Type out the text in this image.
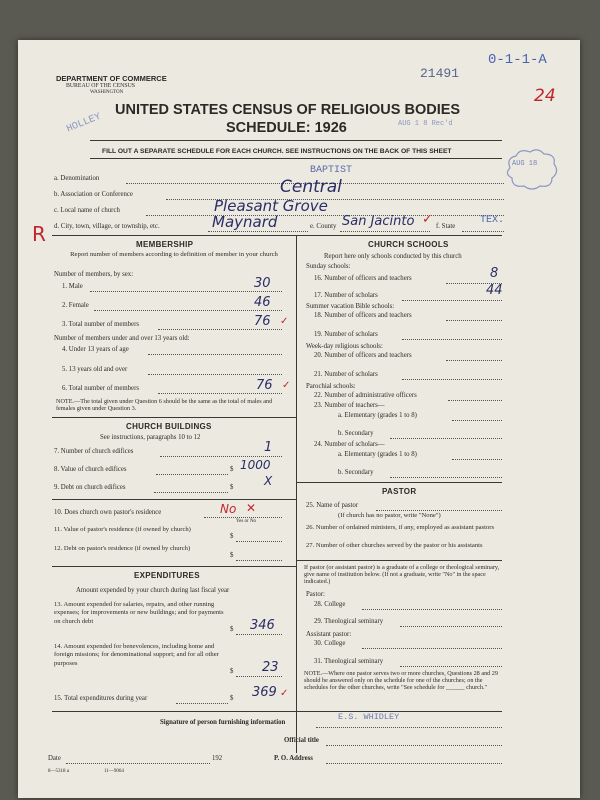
DEPARTMENT OF COMMERCE
BUREAU OF THE CENSUS
WASHINGTON
21491
0-1-1-A
24
HOLLEY	AUG 1 8 Rec'd
UNITED STATES CENSUS OF RELIGIOUS BODIES
SCHEDULE: 1926
FILL OUT A SEPARATE SCHEDULE FOR EACH CHURCH. SEE INSTRUCTIONS ON THE BACK OF THIS SHEET
AUG 18
a. Denomination
BAPTIST
b. Association or Conference	Central
c. Local name of church	Pleasant Grove
d. City, town, village, or township, etc.	Maynard	e. County San Jacinto ✓ f. State
TEX.
R	MEMBERSHIP
Report number of members according to definition of member in your church
Number of members, by sex:
1. Male	30
2. Female	46
3. Total number of members	76 ✓
Number of members under and over 13 years old:
4. Under 13 years of age
5. 13 years old and over
6. Total number of members	76 ✓
NOTE.—The total given under Question 6 should be the same as the total of males and females given under Question 3.
CHURCH BUILDINGS
See instructions, paragraphs 10 to 12
7. Number of church edifices	1
8. Value of church edifices	$ 1000
9. Debt on church edifices	$	X
10. Does church own pastor's residence	No ✕
Yes or No
11. Value of pastor's residence (if owned by church)
$
12. Debt on pastor's residence (if owned by church)
$
EXPENDITURES
Amount expended by your church during last fiscal year
13. Amount expended for salaries, repairs, and other running expenses; for improvements or new buildings; and for payments on church debt
$ 346
14. Amount expended for benevolences, including home and foreign missions; for denominational support; and for all other purposes
$ 23
15. Total expenditures during year	$ 369 ✓
CHURCH SCHOOLS
Report here only schools conducted by this church
Sunday schools:
16. Number of officers and teachers	8
17. Number of scholars	44
Summer vacation Bible schools:
18. Number of officers and teachers
19. Number of scholars
Week-day religious schools:
20. Number of officers and teachers
21. Number of scholars
Parochial schools:
22. Number of administrative officers
23. Number of teachers—
a. Elementary (grades 1 to 8)
b. Secondary
24. Number of scholars—
a. Elementary (grades 1 to 8)
b. Secondary
PASTOR
25. Name of pastor
(If church has no pastor, write "None")
26. Number of ordained ministers, if any, employed as assistant pastors
27. Number of other churches served by the pastor or his assistants
If pastor (or assistant pastor) is a graduate of a college or theological seminary, give name of institution below. (If not a graduate, write "No" in the space indicated.)
Pastor:
28. College
29. Theological seminary
Assistant pastor:
30. College
31. Theological seminary
NOTE.—Where one pastor serves two or more churches, Questions 28 and 29 should be answered only on the schedule for one of the churches; on the schedules for the other churches, write "See schedule for ______ church."
Signature of person furnishing information
E.S. WHIDLEY
Official title
Date	192	P. O. Address
8—5318 a	11—9064
